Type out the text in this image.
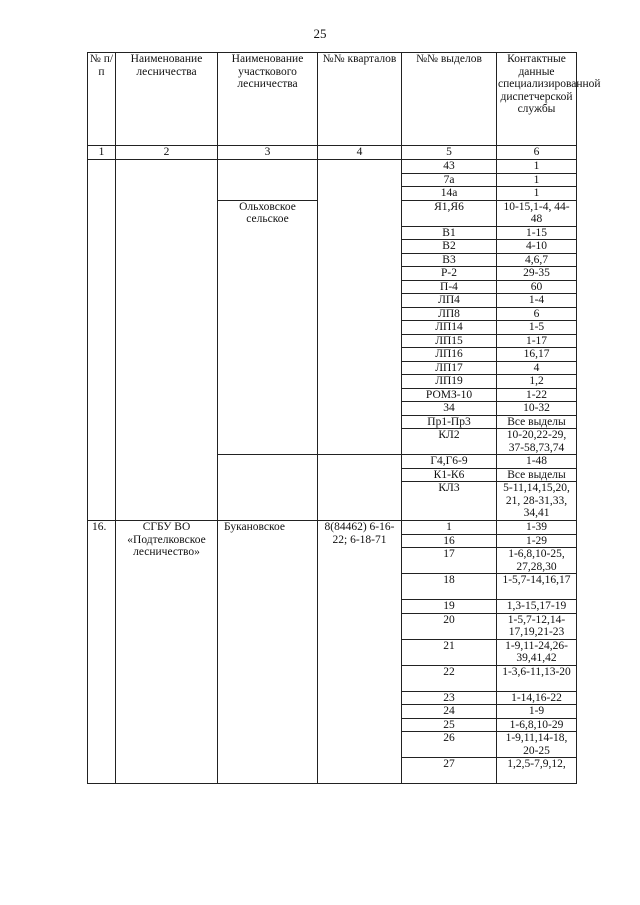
25
№ п/п	Наименование лесничества	Наименование участкового лесничества	№№ кварталов	№№ выделов	Контактные данные специализированной диспетчерской службы
1	2	3	4	5	6
				43	1
				7а	1
				14а	1
		Ольховское сельское		Я1,Я6	10-15,1-4, 44-48
				В1	1-15
				В2	4-10
				В3	4,6,7
				Р-2	29-35
				П-4	60
				ЛП4	1-4
				ЛП8	6
				ЛП14	1-5
				ЛП15	1-17
				ЛП16	16,17
				ЛП17	4
				ЛП19	1,2
				РОМЗ-10	1-22
				34	10-32
				Пр1-Пр3	Все выделы
				КЛ2	10-20,22-29, 37-58,73,74
				Г4,Г6-9	1-48
				К1-К6	Все выделы
				КЛ3	5-11,14,15,20, 21, 28-31,33, 34,41
16.	СГБУ ВО «Подтелковское лесничество»	Букановское	8(84462) 6-16-22; 6-18-71	1	1-39
				16	1-29
				17	1-6,8,10-25, 27,28,30
				18	1-5,7-14,16,17
				19	1,3-15,17-19
				20	1-5,7-12,14-17,19,21-23
				21	1-9,11-24,26-39,41,42
				22	1-3,6-11,13-20
				23	1-14,16-22
				24	1-9
				25	1-6,8,10-29
				26	1-9,11,14-18, 20-25
				27	1,2,5-7,9,12,
